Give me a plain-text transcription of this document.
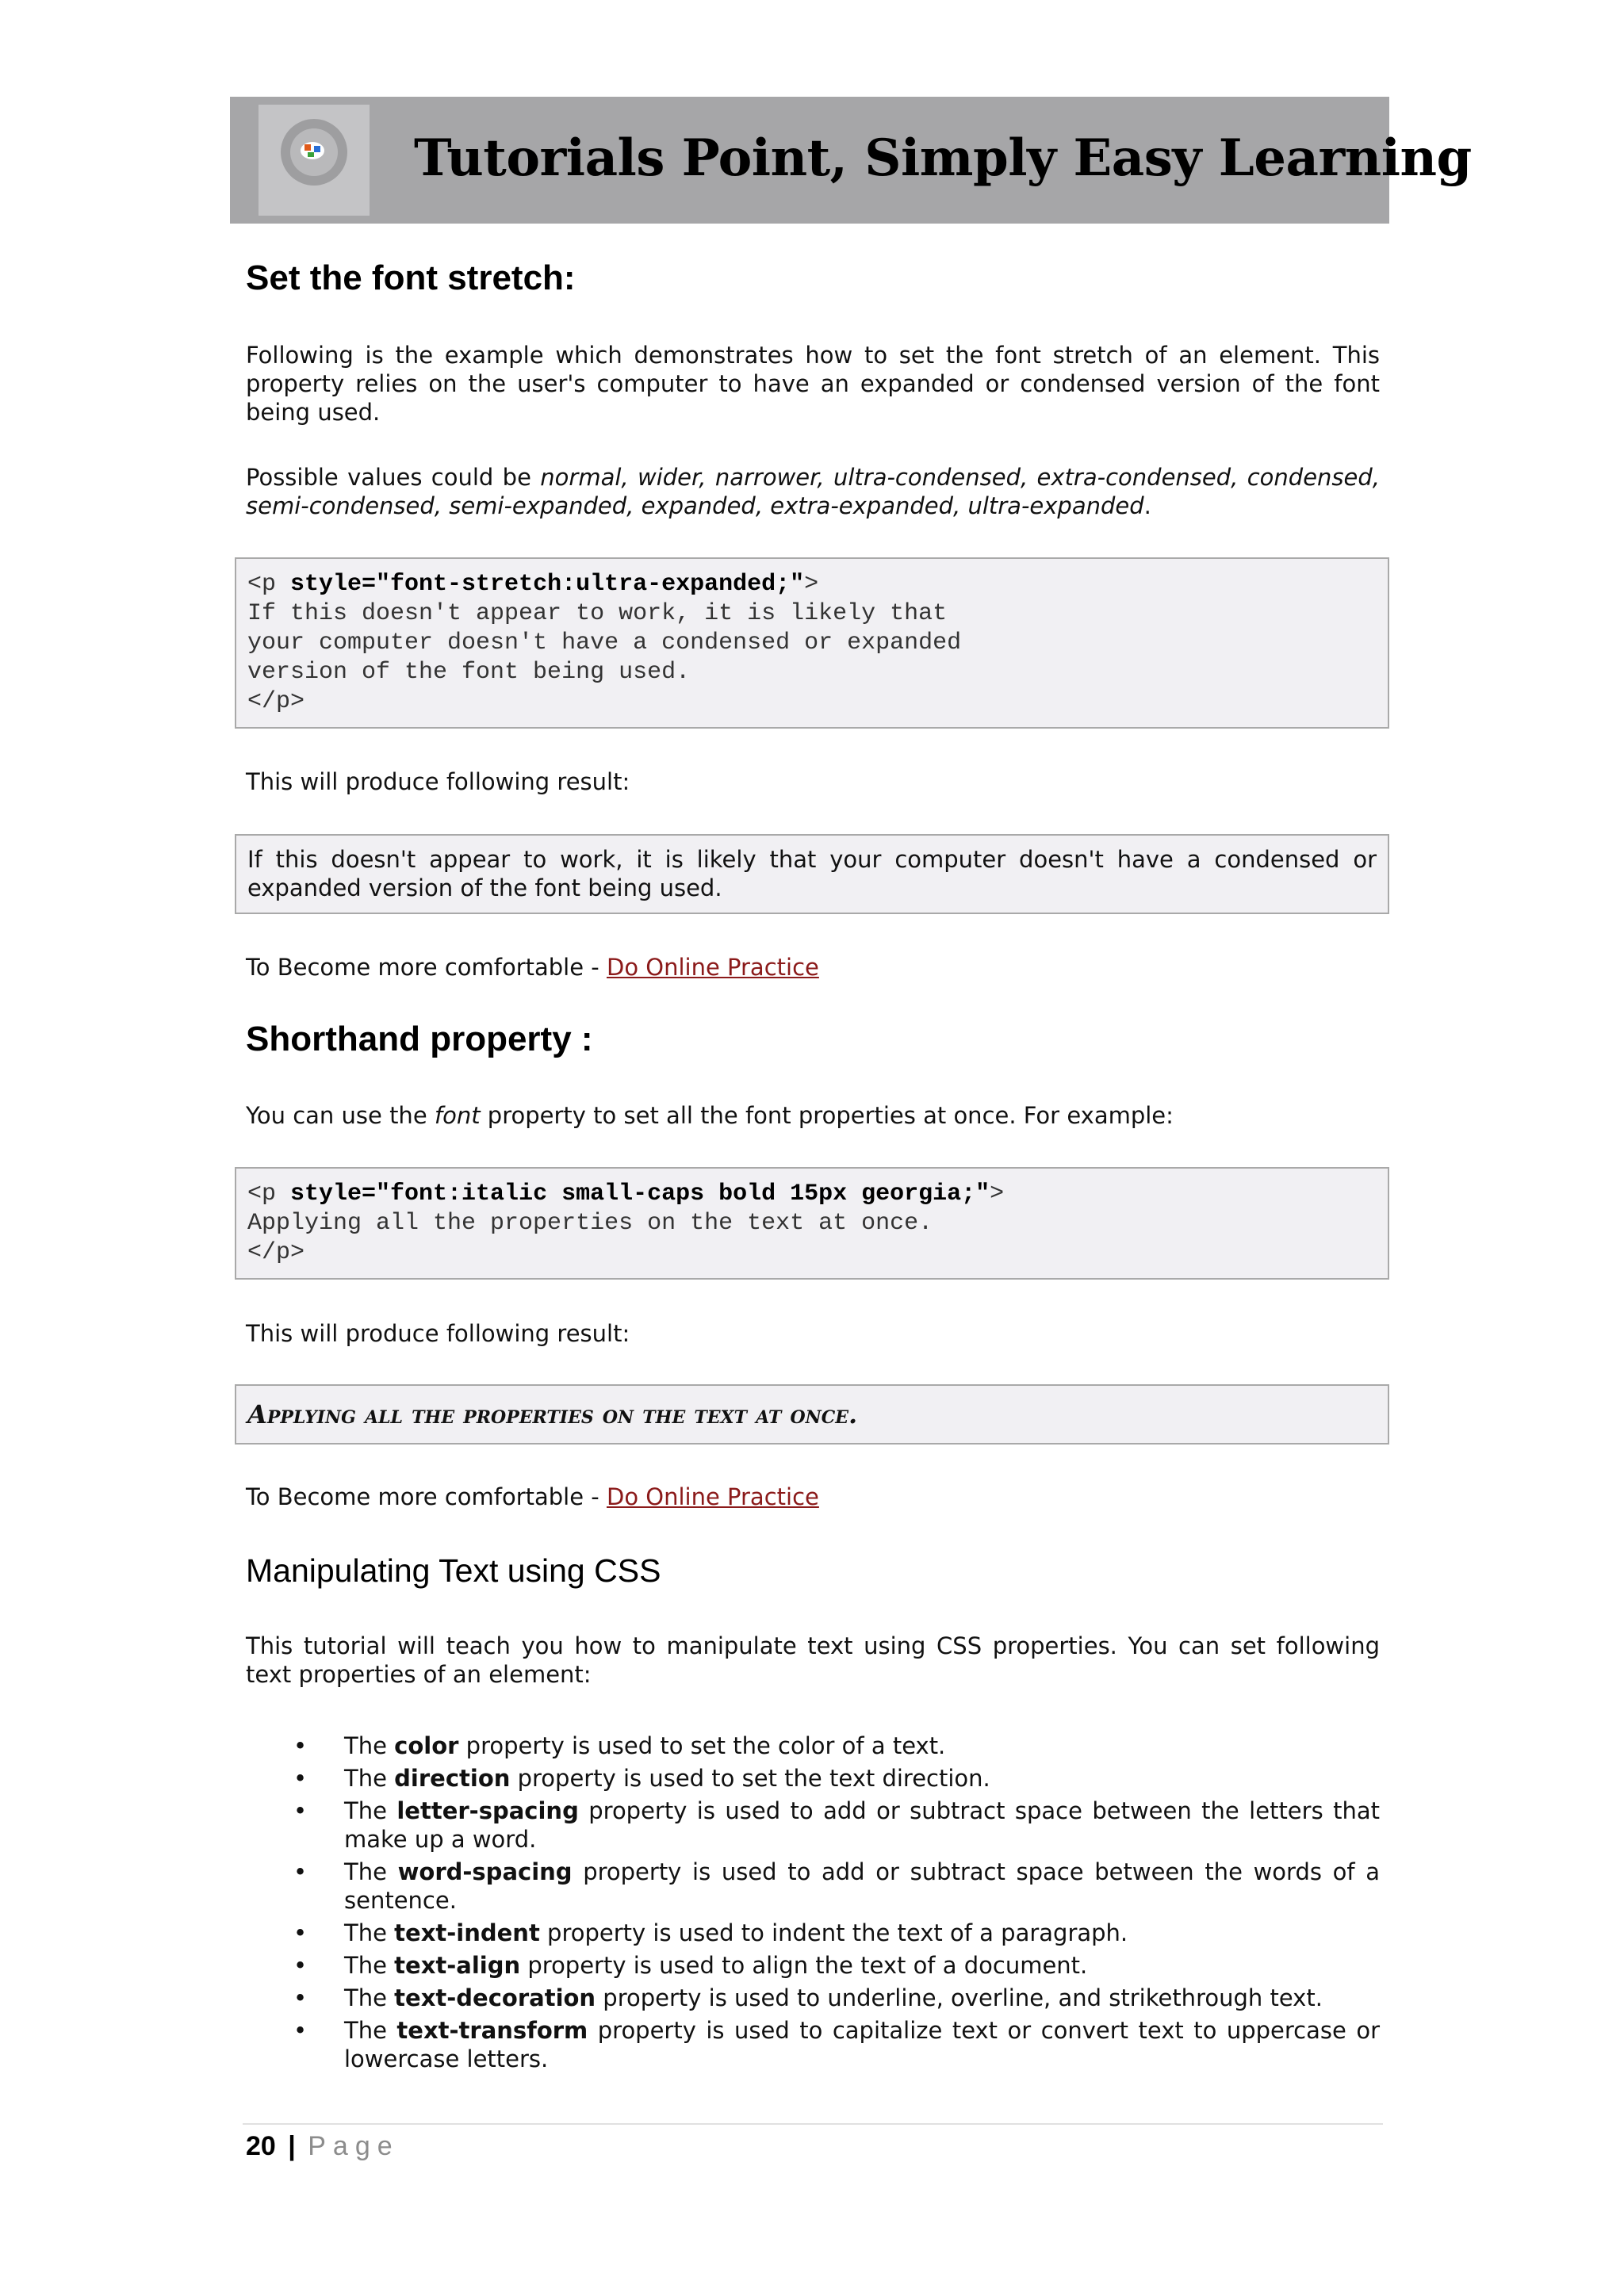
Tutorials Point, Simply Easy Learning
Set the font stretch:

Following is the example which demonstrates how to set the font stretch of an element. This property relies on the user's computer to have an expanded or condensed version of the font being used.

Possible values could be normal, wider, narrower, ultra-condensed, extra-condensed, condensed, semi-condensed, semi-expanded, expanded, extra-expanded, ultra-expanded.

<p style="font-stretch:ultra-expanded;">
If this doesn't appear to work, it is likely that
your computer doesn't have a condensed or expanded
version of the font being used.
</p>

This will produce following result:

If this doesn't appear to work, it is likely that your computer doesn't have a condensed or expanded version of the font being used.

To Become more comfortable - Do Online Practice

Shorthand property :

You can use the font property to set all the font properties at once. For example:

<p style="font:italic small-caps bold 15px georgia;">
Applying all the properties on the text at once.
</p>

This will produce following result:

Applying all the properties on the text at once.

To Become more comfortable - Do Online Practice

Manipulating Text using CSS

This tutorial will teach you how to manipulate text using CSS properties. You can set following text properties of an element:

• The color property is used to set the color of a text.
• The direction property is used to set the text direction.
• The letter-spacing property is used to add or subtract space between the letters that make up a word.
• The word-spacing property is used to add or subtract space between the words of a sentence.
• The text-indent property is used to indent the text of a paragraph.
• The text-align property is used to align the text of a document.
• The text-decoration property is used to underline, overline, and strikethrough text.
• The text-transform property is used to capitalize text or convert text to uppercase or lowercase letters.
20 | Page
